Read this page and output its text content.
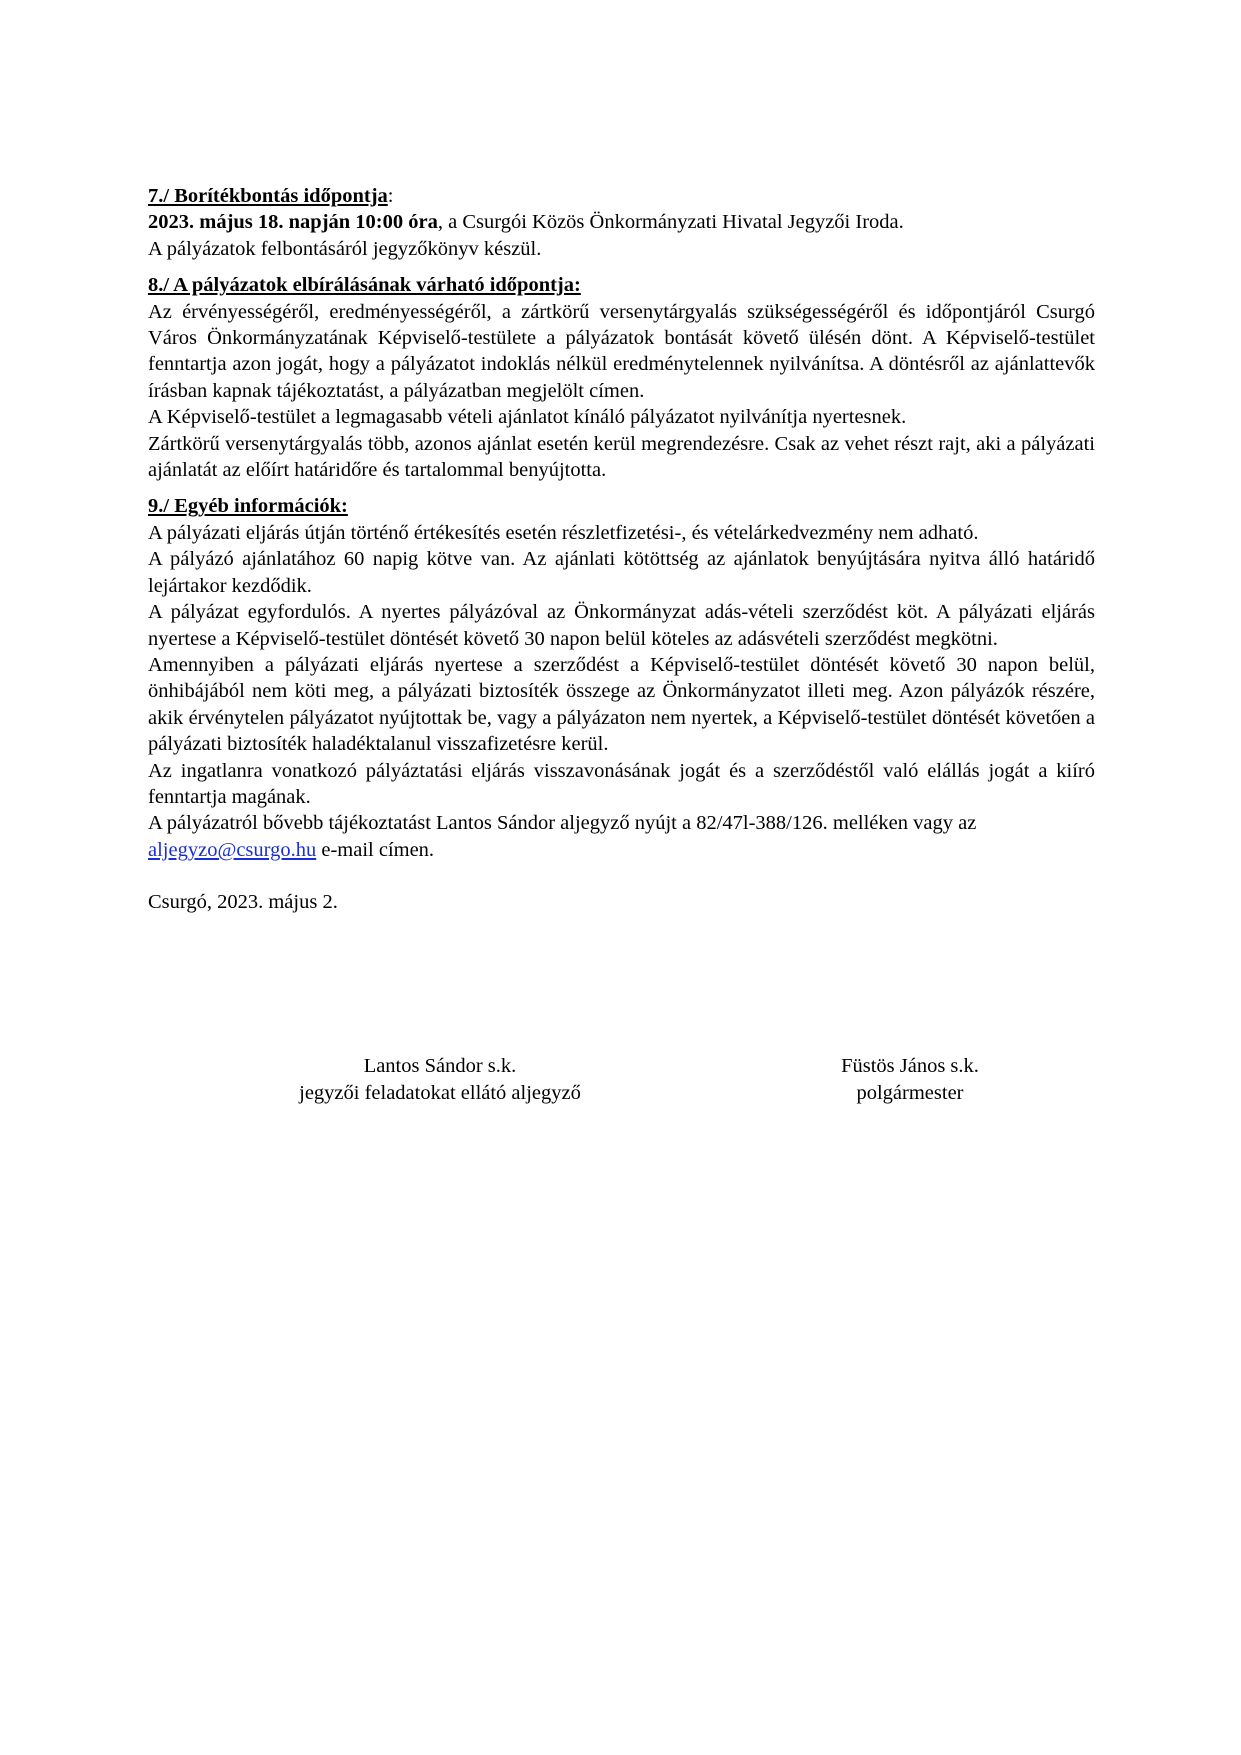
7./ Borítékbontás időpontja:
2023. május 18. napján 10:00 óra, a Csurgói Közös Önkormányzati Hivatal Jegyzői Iroda.
A pályázatok felbontásáról jegyzőkönyv készül.
8./ A pályázatok elbírálásának várható időpontja:
Az érvényességéről, eredményességéről, a zártkörű versenytárgyalás szükségességéről és időpontjáról Csurgó Város Önkormányzatának Képviselő-testülete a pályázatok bontását követő ülésén dönt. A Képviselő-testület fenntartja azon jogát, hogy a pályázatot indoklás nélkül eredménytelennek nyilvánítsa. A döntésről az ajánlattevők írásban kapnak tájékoztatást, a pályázatban megjelölt címen.
A Képviselő-testület a legmagasabb vételi ajánlatot kínáló pályázatot nyilvánítja nyertesnek.
Zártkörű versenytárgyalás több, azonos ajánlat esetén kerül megrendezésre. Csak az vehet részt rajt, aki a pályázati ajánlatát az előírt határidőre és tartalommal benyújtotta.
9./ Egyéb információk:
A pályázati eljárás útján történő értékesítés esetén részletfizetési-, és vételárkedvezmény nem adható.
A pályázó ajánlatához 60 napig kötve van. Az ajánlati kötöttség az ajánlatok benyújtására nyitva álló határidő lejártakor kezdődik.
A pályázat egyfordulós. A nyertes pályázóval az Önkormányzat adás-vételi szerződést köt. A pályázati eljárás nyertese a Képviselő-testület döntését követő 30 napon belül köteles az adásvételi szerződést megkötni.
Amennyiben a pályázati eljárás nyertese a szerződést a Képviselő-testület döntését követő 30 napon belül, önhibájából nem köti meg, a pályázati biztosíték összege az Önkormányzatot illeti meg. Azon pályázók részére, akik érvénytelen pályázatot nyújtottak be, vagy a pályázaton nem nyertek, a Képviselő-testület döntését követően a pályázati biztosíték haladéktalanul visszafizetésre kerül.
Az ingatlanra vonatkozó pályáztatási eljárás visszavonásának jogát és a szerződéstől való elállás jogát a kiíró fenntartja magának.
A pályázatról bővebb tájékoztatást Lantos Sándor aljegyző nyújt a 82/47l-388/126. melléken vagy az
aljegyzo@csurgo.hu e-mail címen.
Csurgó, 2023. május 2.
Lantos Sándor s.k.
jegyzői feladatokat ellátó aljegyző
Füstös János s.k.
polgármester
